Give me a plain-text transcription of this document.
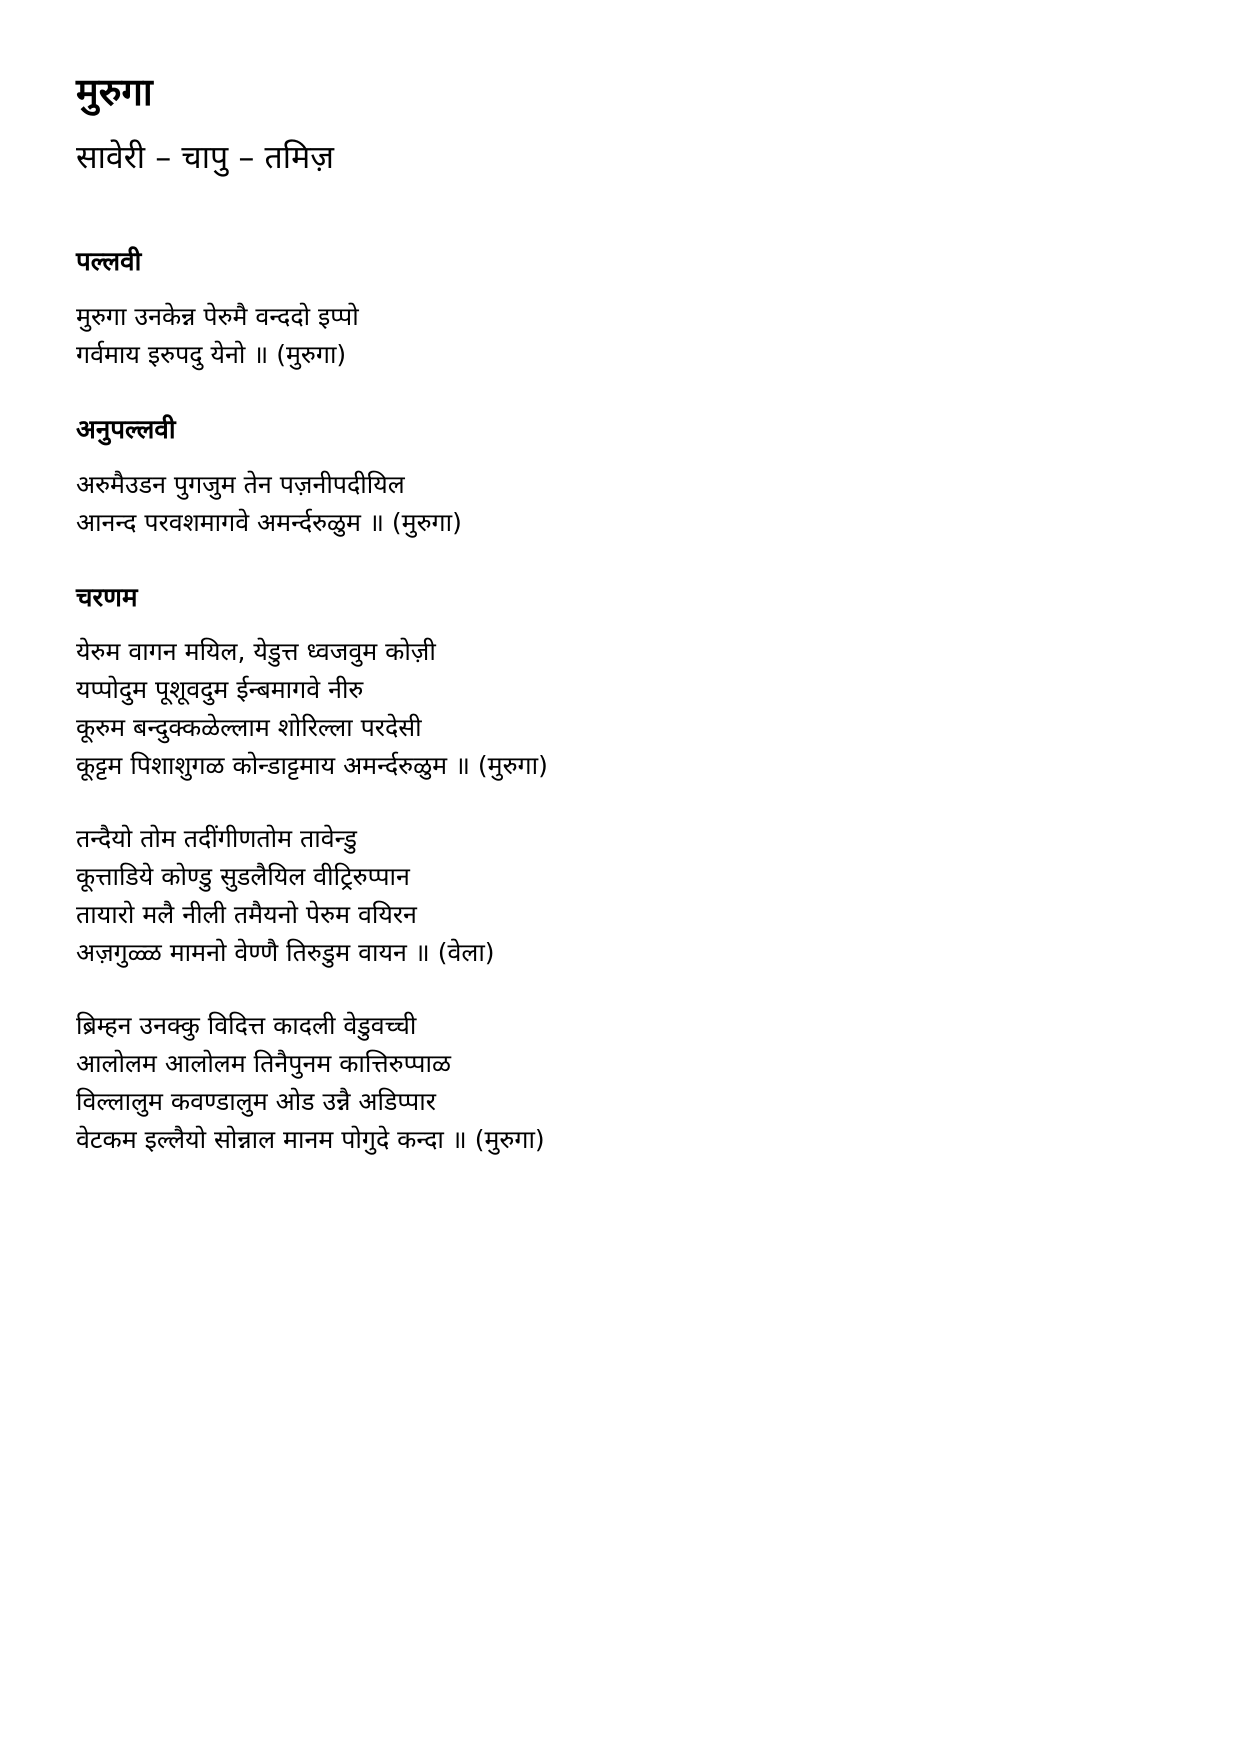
मुरुगा
सावेरी – चापु – तमिज़
पल्लवी
मुरुगा उनकेन्न पेरुमै वन्ददो इप्पो
गर्वमाय इरुपदु येनो ॥ (मुरुगा)
अनुपल्लवी
अरुमैउडन पुगजुम तेन पज़नीपदीयिल
आनन्द परवशमागवे अमर्न्दरुळुम ॥ (मुरुगा)
चरणम
येरुम वागन मयिल, येडुत्त ध्वजवुम कोज़ी
यप्पोदुम पूशूवदुम ईन्बमागवे नीरु
कूरुम बन्दुक्कळेल्लाम शोरिल्ला परदेसी
कूट्टम पिशाशुगळ कोन्डाट्टमाय अमर्न्दरुळुम ॥ (मुरुगा)
तन्दैयो तोम तदींगीणतोम तावेन्डु
कूत्ताडिये कोण्डु सुडलैयिल वीट्रिरुप्पान
तायारो मलै नीली तमैयनो पेरुम वयिरन
अज़गुळ्ळ मामनो वेण्णै तिरुडुम वायन ॥ (वेला)
ब्रिम्हन उनक्कु विदित्त कादली वेडुवच्ची
आलोलम आलोलम तिनैपुनम कात्तिरुप्पाळ
विल्लालुम कवण्डालुम ओड उन्नै अडिप्पार
वेटकम इल्लैयो सोन्नाल मानम पोगुदे कन्दा ॥ (मुरुगा)
